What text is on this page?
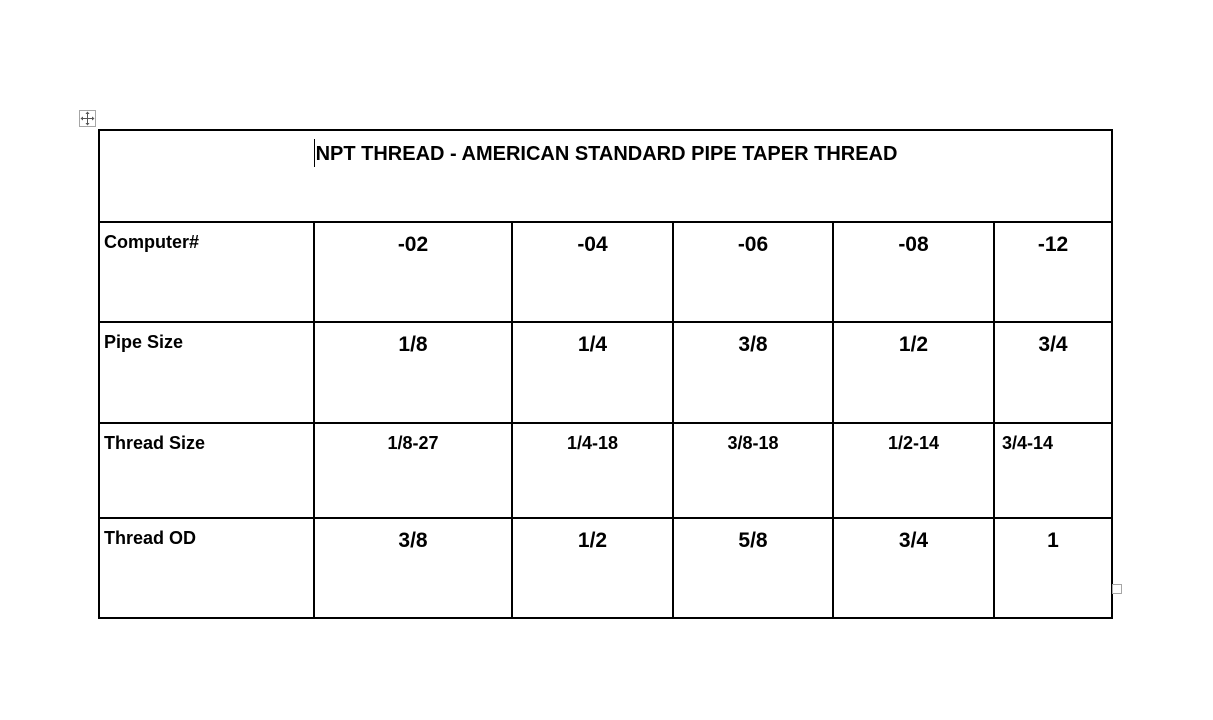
NPT THREAD - AMERICAN STANDARD PIPE TAPER THREAD					
Computer#	-02	-04	-06	-08	-12
Pipe Size	1/8	1/4	3/8	1/2	3/4
Thread Size	1/8-27	1/4-18	3/8-18	1/2-14	3/4-14
Thread OD	3/8	1/2	5/8	3/4	1
